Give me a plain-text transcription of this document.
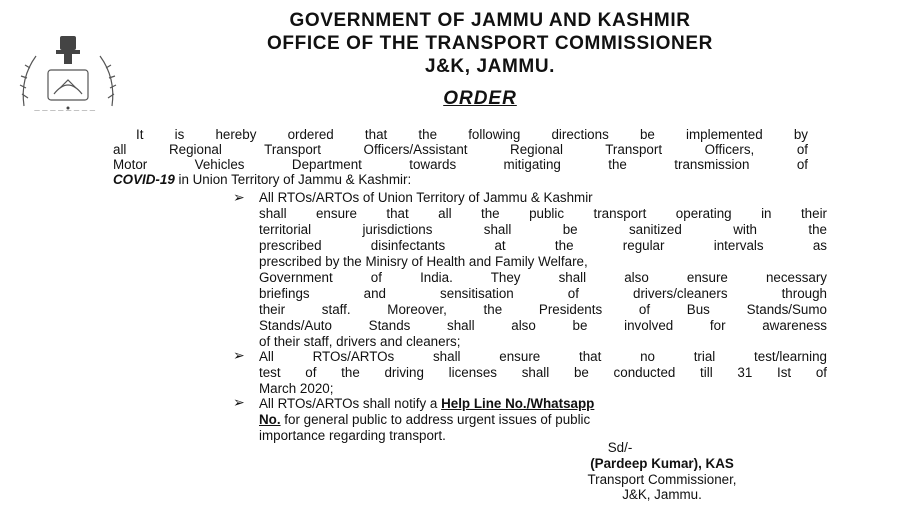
— — — — — — — —
GOVERNMENT OF JAMMU AND KASHMIR
OFFICE OF THE TRANSPORT COMMISSIONER
J&K, JAMMU.
ORDER
It is hereby ordered that the following directions be implemented by
all Regional Transport Officers/Assistant Regional Transport Officers, of
Motor Vehicles Department towards mitigating the transmission of
COVID-19 in Union Territory of Jammu & Kashmir:
➢ All RTOs/ARTOs of Union Territory of Jammu & Kashmir
shall ensure that all the public transport operating in their
territorial jurisdictions shall be sanitized with the
prescribed disinfectants at the regular intervals as
prescribed by the Minisry of Health and Family Welfare,
Government of India. They shall also ensure necessary
briefings and sensitisation of drivers/cleaners through
their staff. Moreover, the Presidents of Bus Stands/Sumo
Stands/Auto Stands shall also be involved for awareness
of their staff, drivers and cleaners;
➢ All RTOs/ARTOs shall ensure that no trial test/learning
test of the driving licenses shall be conducted till 31 Ist of
March 2020;
➢ All RTOs/ARTOs shall notify a Help Line No./Whatsapp
No. for general public to address urgent issues of public
importance regarding transport.
Sd/-
(Pardeep Kumar), KAS
Transport Commissioner,
J&K, Jammu.
